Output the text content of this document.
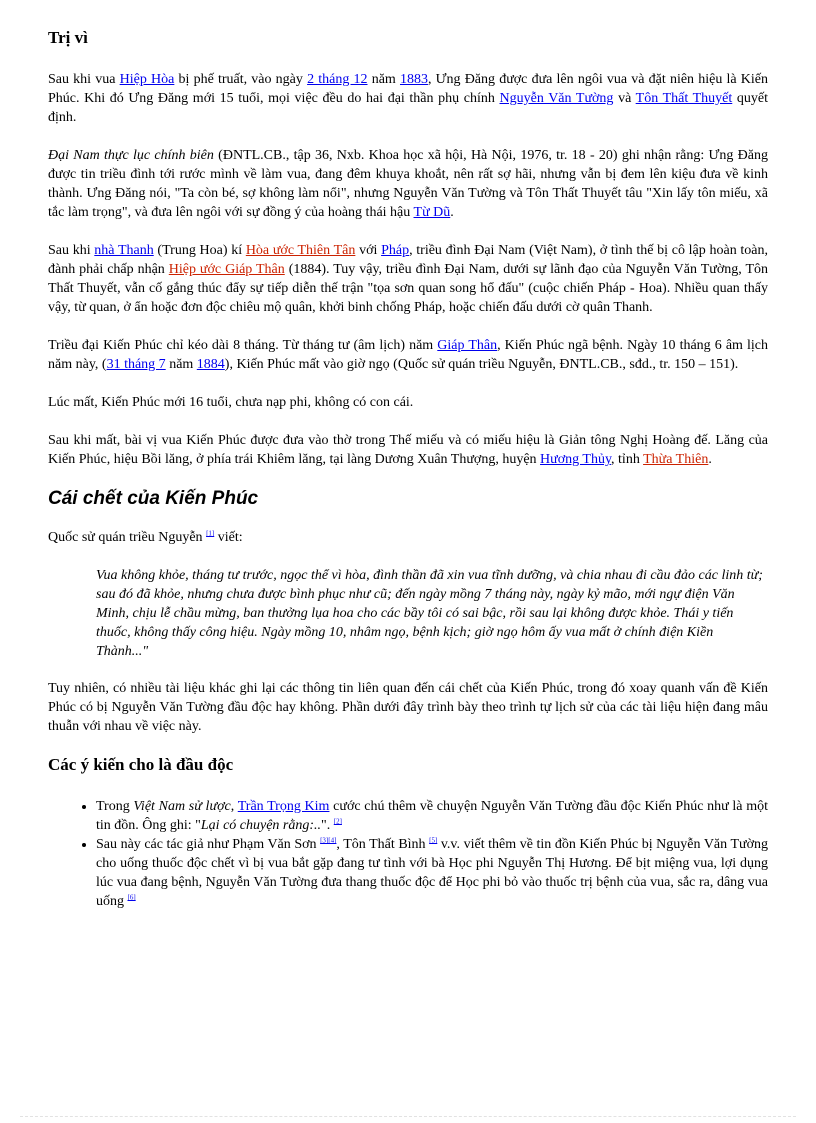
Trị vì

Sau khi vua Hiệp Hòa bị phế truất, vào ngày 2 tháng 12 năm 1883, Ưng Đăng được đưa lên ngôi vua và đặt niên hiệu là Kiến Phúc. Khi đó Ưng Đăng mới 15 tuổi, mọi việc đều do hai đại thần phụ chính Nguyễn Văn Tường và Tôn Thất Thuyết quyết định.

Đại Nam thực lục chính biên (ĐNTL.CB., tập 36, Nxb. Khoa học xã hội, Hà Nội, 1976, tr. 18 - 20) ghi nhận rằng: Ưng Đăng được tin triều đình tới rước mình về làm vua, đang đêm khuya khoắt, nên rất sợ hãi, nhưng vẫn bị đem lên kiệu đưa về kinh thành. Ưng Đăng nói, "Ta còn bé, sợ không làm nổi", nhưng Nguyễn Văn Tường và Tôn Thất Thuyết tâu "Xin lấy tôn miếu, xã tắc làm trọng", và đưa lên ngôi với sự đồng ý của hoàng thái hậu Từ Dũ.

Sau khi nhà Thanh (Trung Hoa) kí Hòa ước Thiên Tân với Pháp, triều đình Đại Nam (Việt Nam), ở tình thế bị cô lập hoàn toàn, đành phải chấp nhận Hiệp ước Giáp Thân (1884). Tuy vậy, triều đình Đại Nam, dưới sự lãnh đạo của Nguyễn Văn Tường, Tôn Thất Thuyết, vẫn cố gắng thúc đẩy sự tiếp diễn thế trận "tọa sơn quan song hổ đấu" (cuộc chiến Pháp - Hoa). Nhiều quan thấy vậy, từ quan, ở ẩn hoặc đơn độc chiêu mộ quân, khởi binh chống Pháp, hoặc chiến đấu dưới cờ quân Thanh.

Triều đại Kiến Phúc chỉ kéo dài 8 tháng. Từ tháng tư (âm lịch) năm Giáp Thân, Kiến Phúc ngã bệnh. Ngày 10 tháng 6 âm lịch năm này, (31 tháng 7 năm 1884), Kiến Phúc mất vào giờ ngọ (Quốc sử quán triều Nguyễn, ĐNTL.CB., sđd., tr. 150 – 151).

Lúc mất, Kiến Phúc mới 16 tuổi, chưa nạp phi, không có con cái.

Sau khi mất, bài vị vua Kiến Phúc được đưa vào thờ trong Thế miếu và có miếu hiệu là Giản tông Nghị Hoàng đế. Lăng của Kiến Phúc, hiệu Bồi lăng, ở phía trái Khiêm lăng, tại làng Dương Xuân Thượng, huyện Hương Thủy, tỉnh Thừa Thiên.

Cái chết của Kiến Phúc

Quốc sử quán triều Nguyễn [1] viết:

Vua không khỏe, tháng tư trước, ngọc thể vì hòa, đình thần đã xin vua tĩnh dưỡng, và chia nhau đi cầu đảo các linh từ; sau đó đã khỏe, nhưng chưa được bình phục như cũ; đến ngày mồng 7 tháng này, ngày kỷ mão, mới ngự điện Văn Minh, chịu lễ chầu mừng, ban thưởng lụa hoa cho các bầy tôi có sai bậc, rồi sau lại không được khỏe. Thái y tiến thuốc, không thấy công hiệu. Ngày mồng 10, nhâm ngọ, bệnh kịch; giờ ngọ hôm ấy vua mất ở chính điện Kiền Thành..."

Tuy nhiên, có nhiều tài liệu khác ghi lại các thông tin liên quan đến cái chết của Kiến Phúc, trong đó xoay quanh vấn đề Kiến Phúc có bị Nguyễn Văn Tường đầu độc hay không. Phần dưới đây trình bày theo trình tự lịch sử của các tài liệu hiện đang mâu thuẫn với nhau về việc này.

Các ý kiến cho là đầu độc
• Trong Việt Nam sử lược, Trần Trọng Kim cước chú thêm về chuyện Nguyễn Văn Tường đầu độc Kiến Phúc như là một tin đồn. Ông ghi: "Lại có chuyện rằng:..". [2]
• Sau này các tác giả như Phạm Văn Sơn [3][4], Tôn Thất Bình [5] v.v. viết thêm về tin đồn Kiến Phúc bị Nguyễn Văn Tường cho uống thuốc độc chết vì bị vua bắt gặp đang tư tình với bà Học phi Nguyễn Thị Hương. Để bịt miệng vua, lợi dụng lúc vua đang bệnh, Nguyễn Văn Tường đưa thang thuốc độc để Học phi bỏ vào thuốc trị bệnh của vua, sắc ra, dâng vua uống [6]
